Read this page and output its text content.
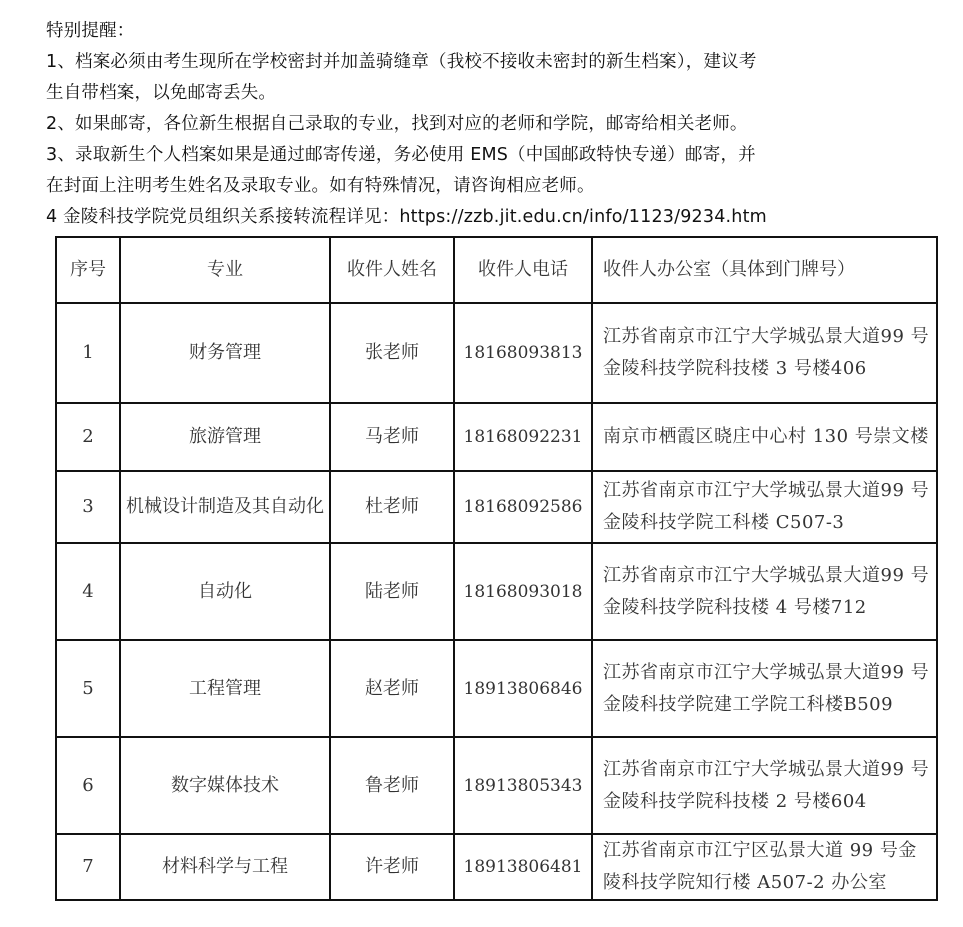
特别提醒：

1、档案必须由考生现所在学校密封并加盖骑缝章（我校不接收未密封的新生档案），建议考

生自带档案，以免邮寄丢失。

2、如果邮寄，各位新生根据自己录取的专业，找到对应的老师和学院，邮寄给相关老师。

3、录取新生个人档案如果是通过邮寄传递，务必使用 EMS（中国邮政特快专递）邮寄，并

在封面上注明考生姓名及录取专业。如有特殊情况，请咨询相应老师。

4 金陵科技学院党员组织关系接转流程详见：https://zzb.jit.edu.cn/info/1123/9234.htm

序号	专业	收件人姓名	收件人电话	收件人办公室（具体到门牌号）
1	财务管理	张老师	18168093813	江苏省南京市江宁大学城弘景大道99 号金陵科技学院科技楼 3 号楼406
2	旅游管理	马老师	18168092231	南京市栖霞区晓庄中心村 130 号崇文楼
3	机械设计制造及其自动化	杜老师	18168092586	江苏省南京市江宁大学城弘景大道99 号金陵科技学院工科楼 C507-3
4	自动化	陆老师	18168093018	江苏省南京市江宁大学城弘景大道99 号金陵科技学院科技楼 4 号楼712
5	工程管理	赵老师	18913806846	江苏省南京市江宁大学城弘景大道99 号金陵科技学院建工学院工科楼B509
6	数字媒体技术	鲁老师	18913805343	江苏省南京市江宁大学城弘景大道99 号金陵科技学院科技楼 2 号楼604
7	材料科学与工程	许老师	18913806481	江苏省南京市江宁区弘景大道 99 号金陵科技学院知行楼 A507-2 办公室
